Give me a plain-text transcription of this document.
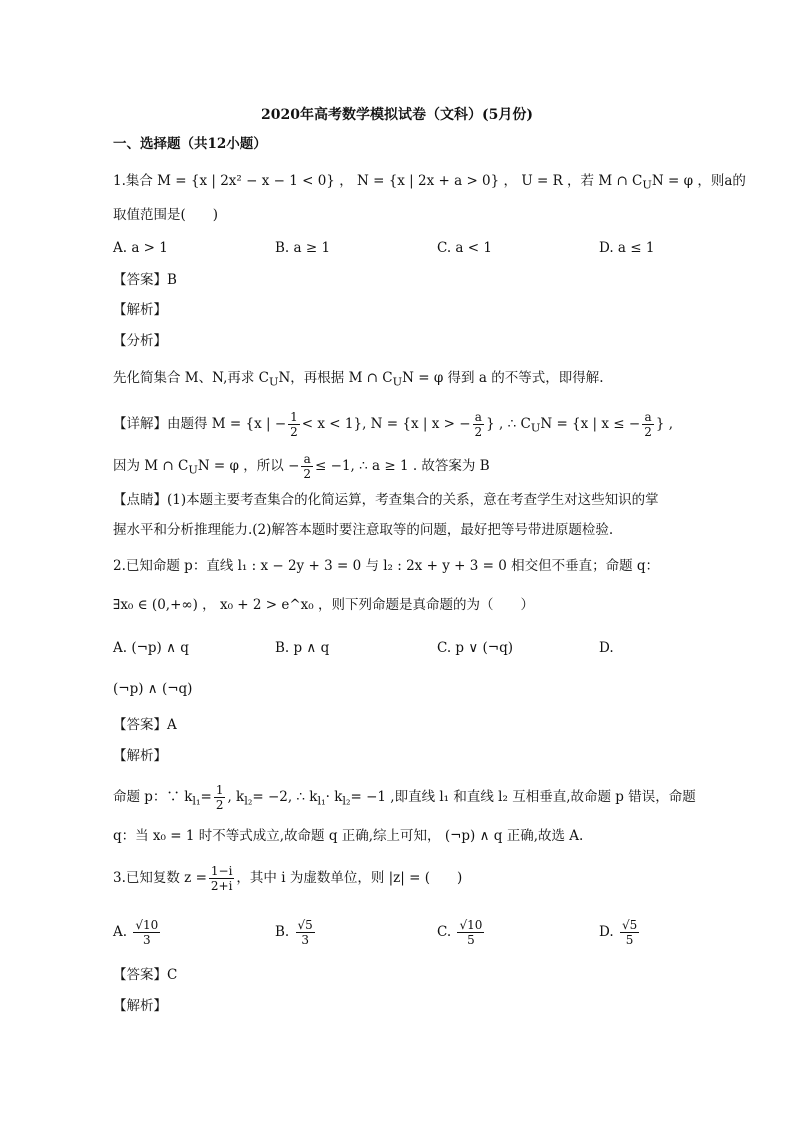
2020年高考数学模拟试卷（文科）(5月份)
一、选择题（共12小题）
1.集合 M = {x | 2x² − x − 1 < 0} ， N = {x | 2x + a > 0} ， U = R ，若 M ∩ $C_UN = \varphi$ ，则a的
取值范围是(　　)
A. a > 1	B. a ≥ 1	C. a < 1	D. a ≤ 1
【答案】B
【解析】
【分析】
先化简集合 M、N,再求 $C_UN$，再根据 M ∩ $C_UN = \varphi$ 得到 a 的不等式，即得解.
【详解】由题得 M = {x | − $\frac{1}{2} < x < 1$}, N = {x | x > − $\frac{a}{2}$ } , ∴ $C_UN = \{x$ | x ≤ − $\frac{a}{2}$ } ,
因为 M ∩ $C_UN = \varphi$ ，所以 − $\frac{a}{2} \le -1$, ∴ a ≥ 1 . 故答案为 B
【点睛】(1)本题主要考查集合的化简运算，考查集合的关系，意在考查学生对这些知识的掌
握水平和分析推理能力.(2)解答本题时要注意取等的问题，最好把等号带进原题检验.
2.已知命题 p：直线 l₁ : x − 2y + 3 = 0 与 l₂ : 2x + y + 3 = 0 相交但不垂直；命题 q：
∃x₀ ∈ (0,+∞) ， x₀ + 2 > e^x₀ ，则下列命题是真命题的为（　　）
A. (¬p) ∧ q	B. p ∧ q	C. p ∨ (¬q)	D.
(¬p) ∧ (¬q)
【答案】A
【解析】
命题 p：∵ $k_{l_1}= \frac{1}{2}$ , $k_{l_2}= -2$, ∴ $k_{l_1}\cdot k_{l_2}= -1$ ,即直线 l₁ 和直线 l₂ 互相垂直,故命题 p 错误，命题
q：当 x₀ = 1 时不等式成立,故命题 q 正确,综上可知， (¬p) ∧ q 正确,故选 A.
3.已知复数 $z = \frac{1-i}{2+i}$ ，其中 i 为虚数单位，则 |z| = (　　)
A. $\frac{√10}{3}$	B. $\frac{√5}{3}$	C. $\frac{√10}{5}$	D. $\frac{√5}{5}$
【答案】C
【解析】
